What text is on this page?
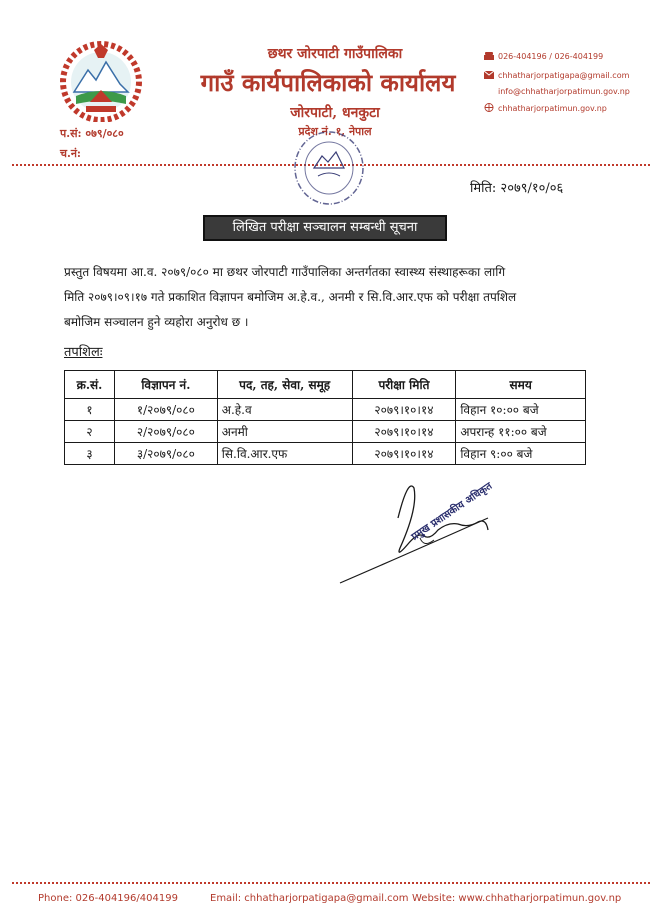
छथर जोरपाटी गाउँपालिका
गाउँ कार्यपालिकाको कार्यालय
जोरपाटी, धनकुटा
प्रदेश नं. १, नेपाल
प.सं: ०७९/०८०
च.नं:
026-404196 / 026-404199
chhatharjorpatigapa@gmail.com
info@chhatharjorpatimun.gov.np
chhatharjorpatimun.gov.np
मिति: २०७९/१०/०६
लिखित परीक्षा सञ्चालन सम्बन्धी सूचना
प्रस्तुत विषयमा आ.व. २०७९/०८० मा छथर जोरपाटी गाउँपालिका अन्तर्गतका स्वास्थ्य संस्थाहरूका लागि
मिति २०७९।०९।१७ गते प्रकाशित विज्ञापन बमोजिम अ.हे.व., अनमी र सि.वि.आर.एफ को परीक्षा तपशिल
बमोजिम सञ्चालन हुने व्यहोरा अनुरोध छ ।
तपशिलः
क्र.सं.	विज्ञापन नं.	पद, तह, सेवा, समूह	परीक्षा मिति	समय
१	१/२०७९/०८०	अ.हे.व	२०७९।१०।१४	विहान १०:०० बजे
२	२/२०७९/०८०	अनमी	२०७९।१०।१४	अपरान्ह ११:०० बजे
३	३/२०७९/०८०	सि.वि.आर.एफ	२०७९।१०।१४	विहान ९:०० बजे
प्रमुख प्रशासकीय अधिकृत
Phone: 026-404196/404199	Email: chhatharjorpatigapa@gmail.com Website: www.chhatharjorpatimun.gov.np
